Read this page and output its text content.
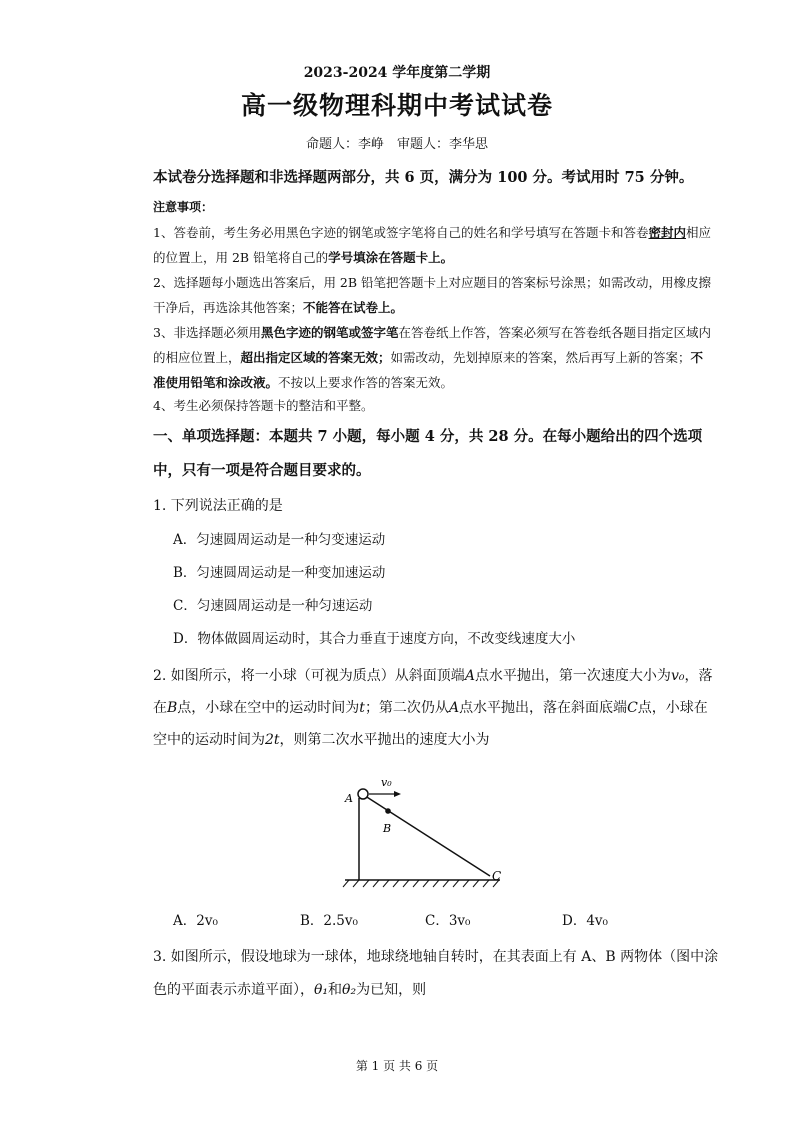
2023-2024 学年度第二学期
高一级物理科期中考试试卷
命题人：李峥　审题人：李华思
本试卷分选择题和非选择题两部分，共 6 页，满分为 100 分。考试用时 75 分钟。
注意事项：
1、答卷前，考生务必用黑色字迹的钢笔或签字笔将自己的姓名和学号填写在答题卡和答卷密封内相应的位置上，用 2B 铅笔将自己的学号填涂在答题卡上。
2、选择题每小题选出答案后，用 2B 铅笔把答题卡上对应题目的答案标号涂黑；如需改动，用橡皮擦干净后，再选涂其他答案；不能答在试卷上。
3、非选择题必须用黑色字迹的钢笔或签字笔在答卷纸上作答，答案必须写在答卷纸各题目指定区域内的相应位置上，超出指定区域的答案无效；如需改动，先划掉原来的答案，然后再写上新的答案；不准使用铅笔和涂改液。不按以上要求作答的答案无效。
4、考生必须保持答题卡的整洁和平整。
一、单项选择题：本题共 7 小题，每小题 4 分，共 28 分。在每小题给出的四个选项中，只有一项是符合题目要求的。
1. 下列说法正确的是
A．匀速圆周运动是一种匀变速运动
B．匀速圆周运动是一种变加速运动
C．匀速圆周运动是一种匀速运动
D．物体做圆周运动时，其合力垂直于速度方向，不改变线速度大小
2. 如图所示，将一小球（可视为质点）从斜面顶端A点水平抛出，第一次速度大小为v₀，落在B点，小球在空中的运动时间为t；第二次仍从A点水平抛出，落在斜面底端C点，小球在空中的运动时间为2t，则第二次水平抛出的速度大小为
v₀
A
B
C
A．2v₀	B．2.5v₀	C．3v₀	D．4v₀
3. 如图所示，假设地球为一球体，地球绕地轴自转时，在其表面上有 A、B 两物体（图中涂色的平面表示赤道平面），θ₁和θ₂为已知，则
第 1 页 共 6 页
